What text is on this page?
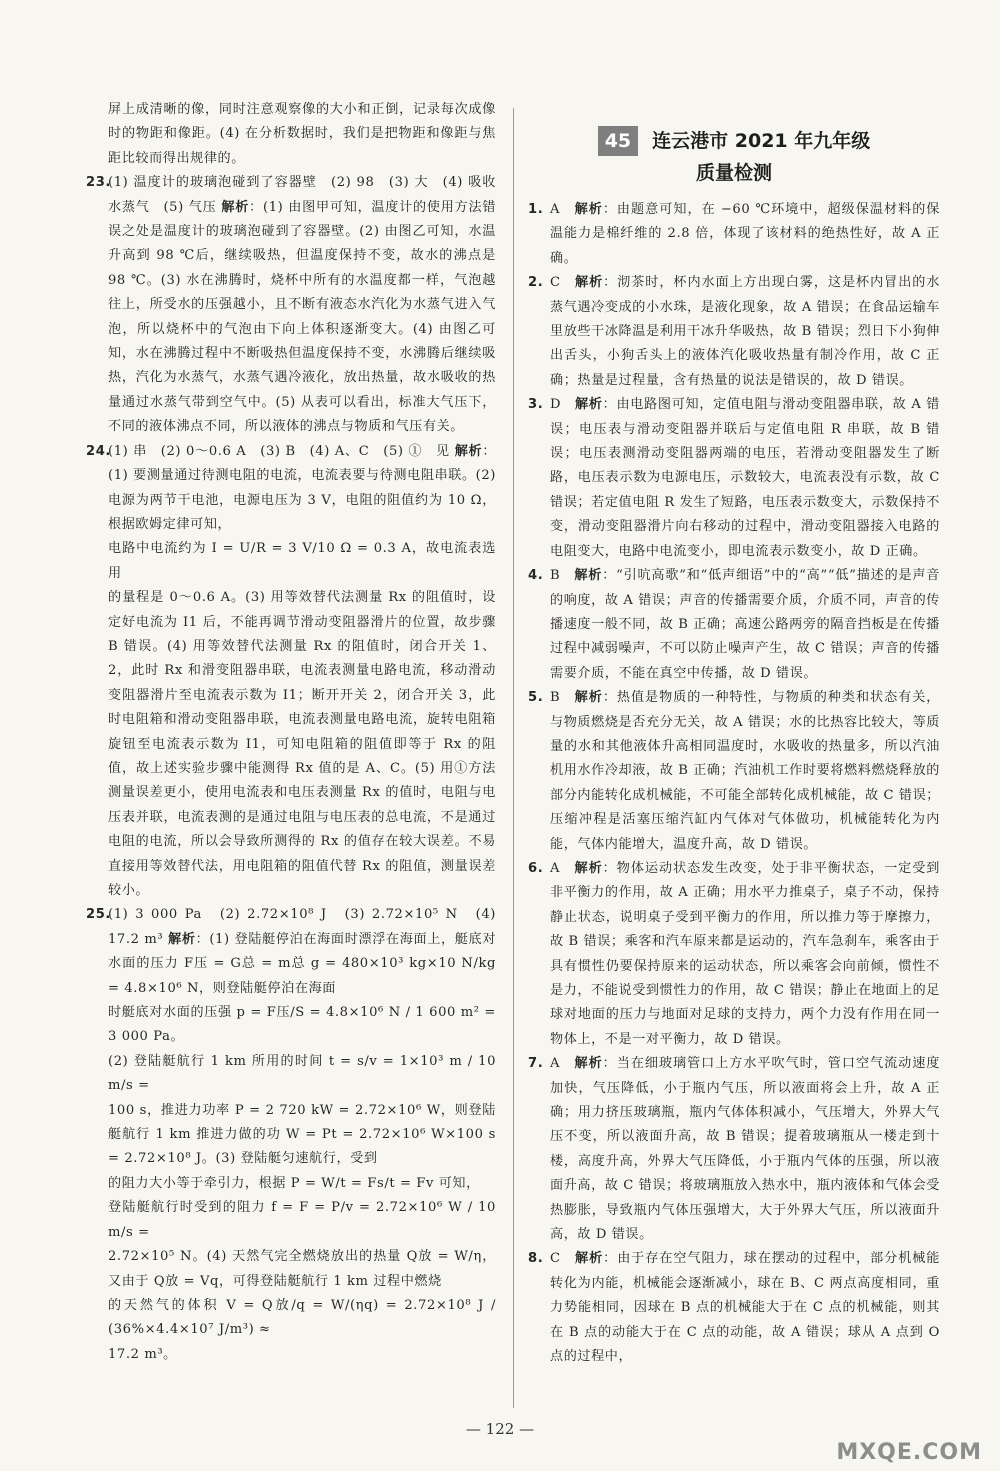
屏上成清晰的像，同时注意观察像的大小和正倒，记录每次成像时的物距和像距。(4) 在分析数据时，我们是把物距和像距与焦距比较而得出规律的。

23.

(1) 温度计的玻璃泡碰到了容器壁　(2) 98　(3) 大　(4) 吸收　水蒸气　(5) 气压 解析：(1) 由图甲可知，温度计的使用方法错误之处是温度计的玻璃泡碰到了容器壁。(2) 由图乙可知，水温升高到 98 ℃后，继续吸热，但温度保持不变，故水的沸点是 98 ℃。(3) 水在沸腾时，烧杯中所有的水温度都一样，气泡越往上，所受水的压强越小，且不断有液态水汽化为水蒸气进入气泡，所以烧杯中的气泡由下向上体积逐渐变大。(4) 由图乙可知，水在沸腾过程中不断吸热但温度保持不变，水沸腾后继续吸热，汽化为水蒸气，水蒸气遇冷液化，放出热量，故水吸收的热量通过水蒸气带到空气中。(5) 从表可以看出，标准大气压下，不同的液体沸点不同，所以液体的沸点与物质和气压有关。

24.

(1) 串　(2) 0～0.6 A　(3) B　(4) A、C　(5) ①　见 解析：(1) 要测量通过待测电阻的电流，电流表要与待测电阻串联。(2) 电源为两节干电池，电源电压为 3 V，电阻的阻值约为 10 Ω，根据欧姆定律可知，
电路中电流约为 I = U/R = 3 V/10 Ω = 0.3 A，故电流表选用
的量程是 0～0.6 A。(3) 用等效替代法测量 Rx 的阻值时，设定好电流为 I1 后，不能再调节滑动变阻器滑片的位置，故步骤 B 错误。(4) 用等效替代法测量 Rx 的阻值时，闭合开关 1、2，此时 Rx 和滑变阻器串联，电流表测量电路电流，移动滑动变阻器滑片至电流表示数为 I1；断开开关 2，闭合开关 3，此时电阻箱和滑动变阻器串联，电流表测量电路电流，旋转电阻箱旋钮至电流表示数为 I1，可知电阻箱的阻值即等于 Rx 的阻值，故上述实验步骤中能测得 Rx 值的是 A、C。(5) 用①方法测量误差更小，使用电流表和电压表测量 Rx 的值时，电阻与电压表并联，电流表测的是通过电阻与电压表的总电流，不是通过电阻的电流，所以会导致所测得的 Rx 的值存在较大误差。不易直接用等效替代法，用电阻箱的阻值代替 Rx 的阻值，测量误差较小。

25.

(1) 3 000 Pa　(2) 2.72×10⁸ J　(3) 2.72×10⁵ N　(4) 17.2 m³ 解析：(1) 登陆艇停泊在海面时漂浮在海面上，艇底对水面的压力 F压 = G总 = m总 g = 480×10³ kg×10 N/kg = 4.8×10⁶ N，则登陆艇停泊在海面
时艇底对水面的压强 p = F压/S = 4.8×10⁶ N / 1 600 m² = 3 000 Pa。
(2) 登陆艇航行 1 km 所用的时间 t = s/v = 1×10³ m / 10 m/s =
100 s，推进力功率 P = 2 720 kW = 2.72×10⁶ W，则登陆艇航行 1 km 推进力做的功 W = Pt = 2.72×10⁶ W×100 s = 2.72×10⁸ J。(3) 登陆艇匀速航行，受到
的阻力大小等于牵引力，根据 P = W/t = Fs/t = Fv 可知，
登陆艇航行时受到的阻力 f = F = P/v = 2.72×10⁶ W / 10 m/s =
2.72×10⁵ N。(4) 天然气完全燃烧放出的热量 Q放 = W/η，又由于 Q放 = Vq，可得登陆艇航行 1 km 过程中燃烧
的天然气的体积 V = Q放/q = W/(ηq) = 2.72×10⁸ J / (36%×4.4×10⁷ J/m³) ≈
17.2 m³。

45 连云港市 2021 年九年级
质量检测
1. A　 解析：由题意可知，在 −60 ℃环境中，超级保温材料的保温能力是棉纤维的 2.8 倍，体现了该材料的绝热性好，故 A 正确。

2. C　 解析：沏茶时，杯内水面上方出现白雾，这是杯内冒出的水蒸气遇冷变成的小水珠，是液化现象，故 A 错误；在食品运输车里放些干冰降温是利用干冰升华吸热，故 B 错误；烈日下小狗伸出舌头，小狗舌头上的液体汽化吸收热量有制冷作用，故 C 正确；热量是过程量，含有热量的说法是错误的，故 D 错误。

3. D　 解析：由电路图可知，定值电阻与滑动变阻器串联，故 A 错误；电压表与滑动变阻器并联后与定值电阻 R 串联，故 B 错误；电压表测滑动变阻器两端的电压，若滑动变阻器发生了断路，电压表示数为电源电压，示数较大，电流表没有示数，故 C 错误；若定值电阻 R 发生了短路，电压表示数变大，示数保持不变，滑动变阻器滑片向右移动的过程中，滑动变阻器接入电路的电阻变大，电路中电流变小，即电流表示数变小，故 D 正确。

4. B　 解析：“引吭高歌”和“低声细语”中的“高”“低”描述的是声音的响度，故 A 错误；声音的传播需要介质，介质不同，声音的传播速度一般不同，故 B 正确；高速公路两旁的隔音挡板是在传播过程中减弱噪声，不可以防止噪声产生，故 C 错误；声音的传播需要介质，不能在真空中传播，故 D 错误。

5. B　 解析：热值是物质的一种特性，与物质的种类和状态有关，与物质燃烧是否充分无关，故 A 错误；水的比热容比较大，等质量的水和其他液体升高相同温度时，水吸收的热量多，所以汽油机用水作冷却液，故 B 正确；汽油机工作时要将燃料燃烧释放的部分内能转化成机械能，不可能全部转化成机械能，故 C 错误；压缩冲程是活塞压缩汽缸内气体对气体做功，机械能转化为内能，气体内能增大，温度升高，故 D 错误。

6. A　 解析：物体运动状态发生改变，处于非平衡状态，一定受到非平衡力的作用，故 A 正确；用水平力推桌子，桌子不动，保持静止状态，说明桌子受到平衡力的作用，所以推力等于摩擦力，故 B 错误；乘客和汽车原来都是运动的，汽车急刹车，乘客由于具有惯性仍要保持原来的运动状态，所以乘客会向前倾，惯性不是力，不能说受到惯性力的作用，故 C 错误；静止在地面上的足球对地面的压力与地面对足球的支持力，两个力没有作用在同一物体上，不是一对平衡力，故 D 错误。

7. A　 解析：当在细玻璃管口上方水平吹气时，管口空气流动速度加快，气压降低，小于瓶内气压，所以液面将会上升，故 A 正确；用力挤压玻璃瓶，瓶内气体体积减小，气压增大，外界大气压不变，所以液面升高，故 B 错误；提着玻璃瓶从一楼走到十楼，高度升高，外界大气压降低，小于瓶内气体的压强，所以液面升高，故 C 错误；将玻璃瓶放入热水中，瓶内液体和气体会受热膨胀，导致瓶内气体压强增大，大于外界大气压，所以液面升高，故 D 错误。

8. C　 解析：由于存在空气阻力，球在摆动的过程中，部分机械能转化为内能，机械能会逐渐减小，球在 B、C 两点高度相同，重力势能相同，因球在 B 点的机械能大于在 C 点的机械能，则其在 B 点的动能大于在 C 点的动能，故 A 错误；球从 A 点到 O 点的过程中，

— 122 —
MXQE.COM
